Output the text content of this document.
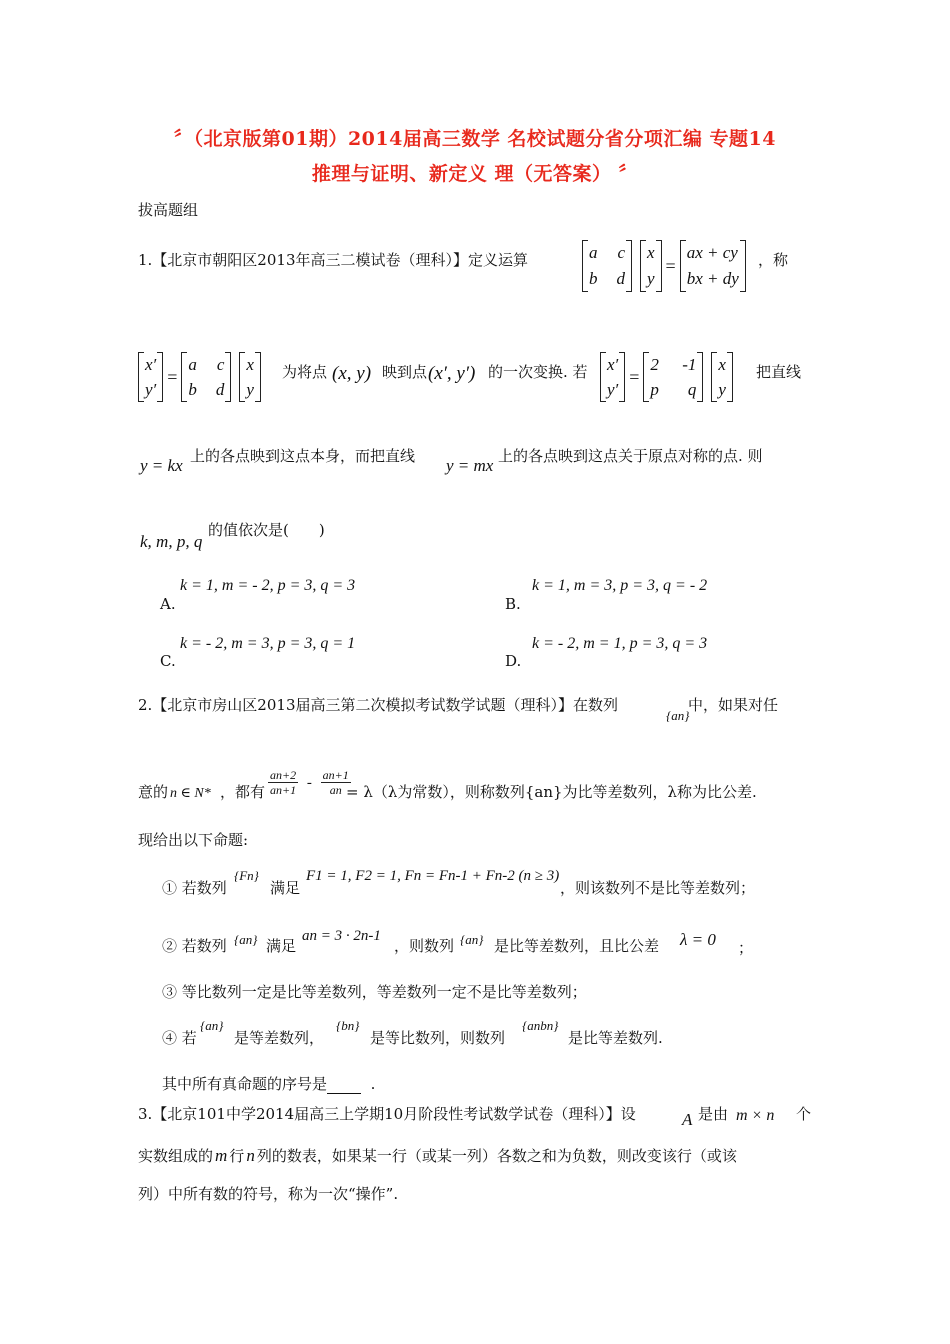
〞（北京版第01期）2014届高三数学 名校试题分省分项汇编 专题14
推理与证明、新定义 理（无答案） 〞
拔高题组
1.【北京市朝阳区2013年高三二模试卷（理科）】定义运算	a c
b d
x
y
=
ax + cy
bx + dy
，称
x′
y′
=
a c
b d
x
y
为将点 (x, y) 映到点 (x′, y′) 的一次变换. 若 x′
y′
=
2 -1
p q
x
y
把直线
y = kx 上的各点映到这点本身，而把直线 y = mx 上的各点映到这点关于原点对称的点. 则
k, m, p, q
的值依次是(　　)
A.
k = 1, m = - 2, p = 3, q = 3
B.
k = 1, m = 3, p = 3, q = - 2
C.
k = - 2, m = 3, p = 3, q = 1
D.
k = - 2, m = 1, p = 3, q = 3
2.【北京市房山区2013届高三第二次模拟考试数学试题（理科）】在数列
{an}
中，如果对任
意的 n ∈ N* ，都有 $\frac{an+2}{an+1} - \frac{an+1}{an}$
= λ（λ为常数），则称数列{an}为比等差数列，λ称为比公差.
现给出以下命题:
① 若数列
{Fn}
满足
F1 = 1, F2 = 1, Fn = Fn-1 + Fn-2 (n ≥ 3)
，则该数列不是比等差数列；
② 若数列 {an} 满足
an = 3 · 2n-1
，则数列 {an} 是比等差数列，且比公差 λ = 0 ；
③ 等比数列一定是比等差数列，等差数列一定不是比等差数列；
④ 若
{an}
是等差数列，
{bn}
是等比数列，则数列
{anbn}
是比等差数列.
其中所有真命题的序号是	.
3.【北京101中学2014届高三上学期10月阶段性考试数学试卷（理科）】设	A 是由 m × n 个
实数组成的 m 行 n 列的数表，如果某一行（或某一列）各数之和为负数，则改变该行（或该
列）中所有数的符号，称为一次“操作”.
